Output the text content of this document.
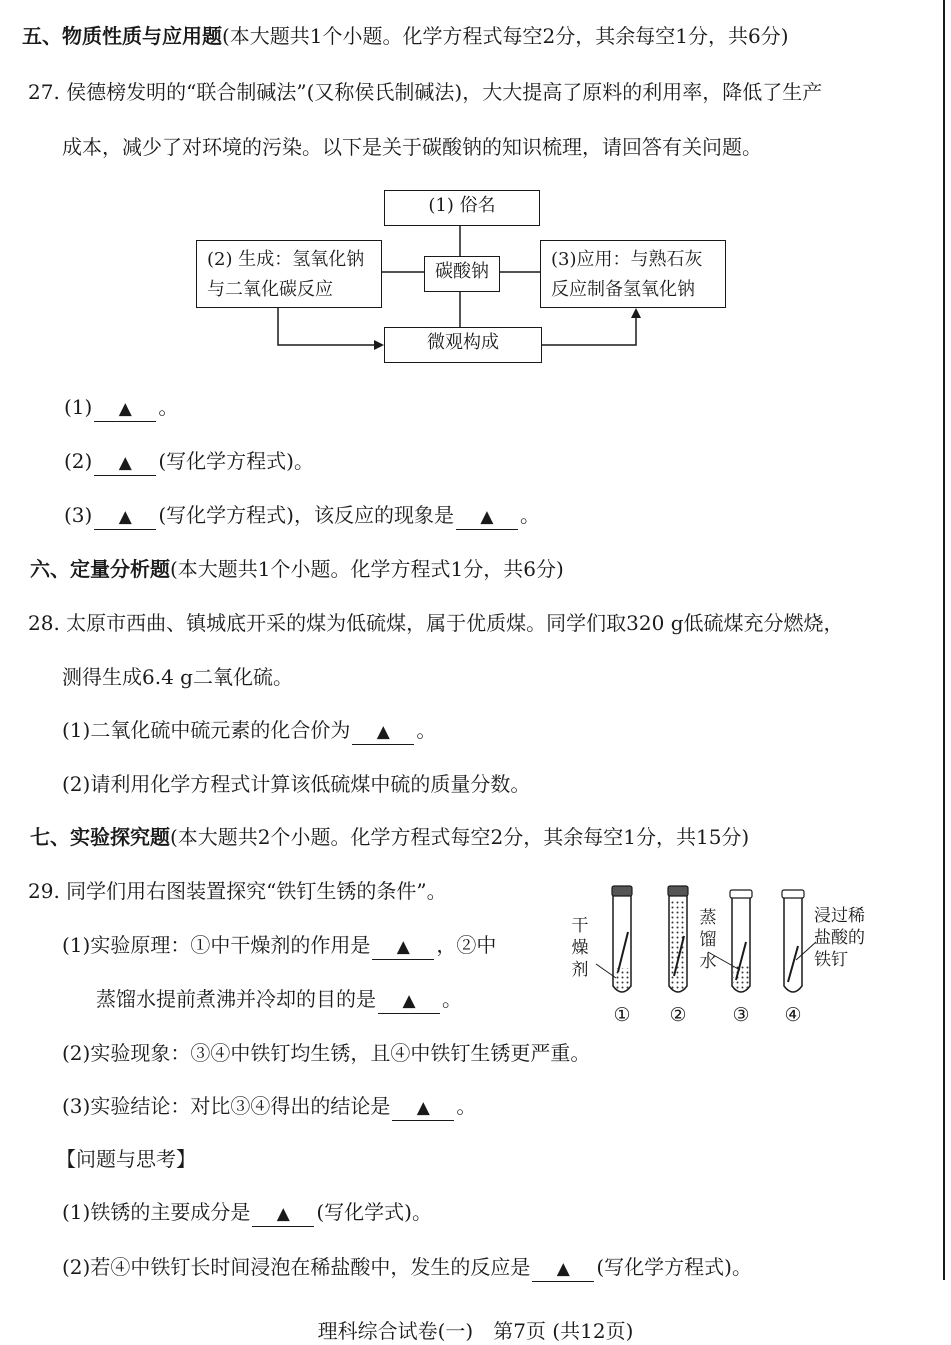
五、物质性质与应用题(本大题共1个小题。化学方程式每空2分，其余每空1分，共6分)
27. 侯德榜发明的“联合制碱法”(又称侯氏制碱法)，大大提高了原料的利用率，降低了生产
成本，减少了对环境的污染。以下是关于碳酸钠的知识梳理，请回答有关问题。
(1) 俗名
(2) 生成：氢氧化钠
与二氧化碳反应
碳酸钠
(3)应用：与熟石灰
反应制备氢氧化钠
微观构成
(1) ▲ 。
(2) ▲ (写化学方程式)。
(3) ▲ (写化学方程式)，该反应的现象是 ▲ 。
六、定量分析题(本大题共1个小题。化学方程式1分，共6分)
28. 太原市西曲、镇城底开采的煤为低硫煤，属于优质煤。同学们取320 g低硫煤充分燃烧，
测得生成6.4 g二氧化硫。
(1)二氧化硫中硫元素的化合价为 ▲ 。
(2)请利用化学方程式计算该低硫煤中硫的质量分数。
七、实验探究题(本大题共2个小题。化学方程式每空2分，其余每空1分，共15分)
29. 同学们用右图装置探究“铁钉生锈的条件”。
(1)实验原理：①中干燥剂的作用是 ▲ ，②中
蒸馏水提前煮沸并冷却的目的是 ▲ 。
(2)实验现象：③④中铁钉均生锈，且④中铁钉生锈更严重。
(3)实验结论：对比③④得出的结论是 ▲ 。
【问题与思考】
(1)铁锈的主要成分是 ▲ (写化学式)。
(2)若④中铁钉长时间浸泡在稀盐酸中，发生的反应是 ▲ (写化学方程式)。
干
燥
剂
蒸
馏
水
浸过稀
盐酸的
铁钉
① ② ③ ④
理科综合试卷(一)　第7页 (共12页)
